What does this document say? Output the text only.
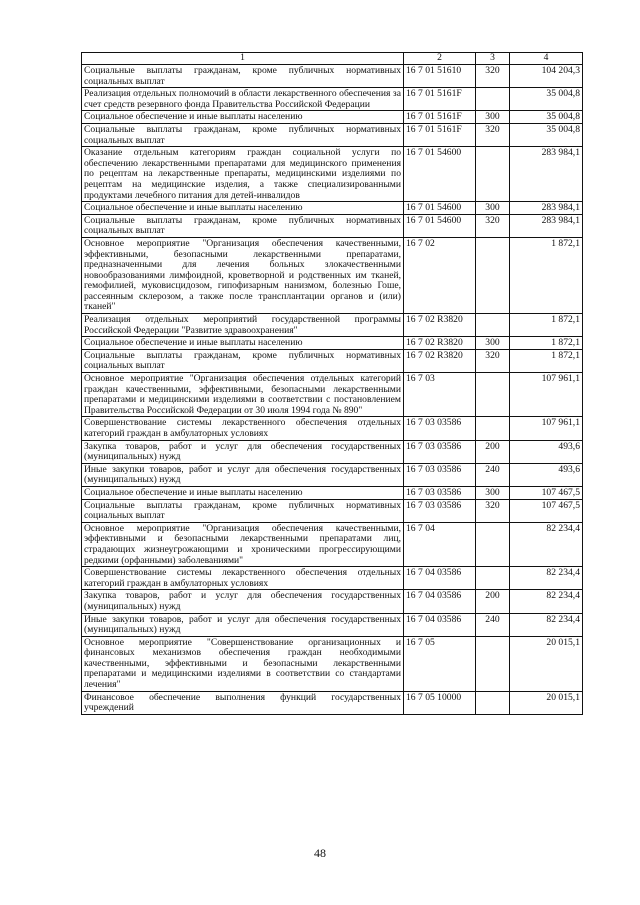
1	2	3	4
Социальные выплаты гражданам, кроме публичных нормативных социальных выплат	16 7 01 51610	320	104 204,3
Реализация отдельных полномочий в области лекарственного обеспечения за счет средств резервного фонда Правительства Российской Федерации	16 7 01 5161F		35 004,8
Социальное обеспечение и иные выплаты населению	16 7 01 5161F	300	35 004,8
Социальные выплаты гражданам, кроме публичных нормативных социальных выплат	16 7 01 5161F	320	35 004,8
Оказание отдельным категориям граждан социальной услуги по обеспечению лекарственными препаратами для медицинского применения по рецептам на лекарственные препараты, медицинскими изделиями по рецептам на медицинские изделия, а также специализированными продуктами лечебного питания для детей-инвалидов	16 7 01 54600		283 984,1
Социальное обеспечение и иные выплаты населению	16 7 01 54600	300	283 984,1
Социальные выплаты гражданам, кроме публичных нормативных социальных выплат	16 7 01 54600	320	283 984,1
Основное мероприятие "Организация обеспечения качественными, эффективными, безопасными лекарственными препаратами, предназначенными для лечения больных злокачественными новообразованиями лимфоидной, кроветворной и родственных им тканей, гемофилией, муковисцидозом, гипофизарным нанизмом, болезнью Гоше, рассеянным склерозом, а также после трансплантации органов и (или) тканей"	16 7 02		1 872,1
Реализация отдельных мероприятий государственной программы Российской Федерации "Развитие здравоохранения"	16 7 02 R3820		1 872,1
Социальное обеспечение и иные выплаты населению	16 7 02 R3820	300	1 872,1
Социальные выплаты гражданам, кроме публичных нормативных социальных выплат	16 7 02 R3820	320	1 872,1
Основное мероприятие "Организация обеспечения отдельных категорий граждан качественными, эффективными, безопасными лекарственными препаратами и медицинскими изделиями в соответствии с постановлением Правительства Российской Федерации от 30 июля 1994 года № 890"	16 7 03		107 961,1
Совершенствование системы лекарственного обеспечения отдельных категорий граждан в амбулаторных условиях	16 7 03 03586		107 961,1
Закупка товаров, работ и услуг для обеспечения государственных (муниципальных) нужд	16 7 03 03586	200	493,6
Иные закупки товаров, работ и услуг для обеспечения государственных (муниципальных) нужд	16 7 03 03586	240	493,6
Социальное обеспечение и иные выплаты населению	16 7 03 03586	300	107 467,5
Социальные выплаты гражданам, кроме публичных нормативных социальных выплат	16 7 03 03586	320	107 467,5
Основное мероприятие "Организация обеспечения качественными, эффективными и безопасными лекарственными препаратами лиц, страдающих жизнеугрожающими и хроническими прогрессирующими редкими (орфанными) заболеваниями"	16 7 04		82 234,4
Совершенствование системы лекарственного обеспечения отдельных категорий граждан в амбулаторных условиях	16 7 04 03586		82 234,4
Закупка товаров, работ и услуг для обеспечения государственных (муниципальных) нужд	16 7 04 03586	200	82 234,4
Иные закупки товаров, работ и услуг для обеспечения государственных (муниципальных) нужд	16 7 04 03586	240	82 234,4
Основное мероприятие "Совершенствование организационных и финансовых механизмов обеспечения граждан необходимыми качественными, эффективными и безопасными лекарственными препаратами и медицинскими изделиями в соответствии со стандартами лечения"	16 7 05		20 015,1
Финансовое обеспечение выполнения функций государственных учреждений	16 7 05 10000		20 015,1
48
